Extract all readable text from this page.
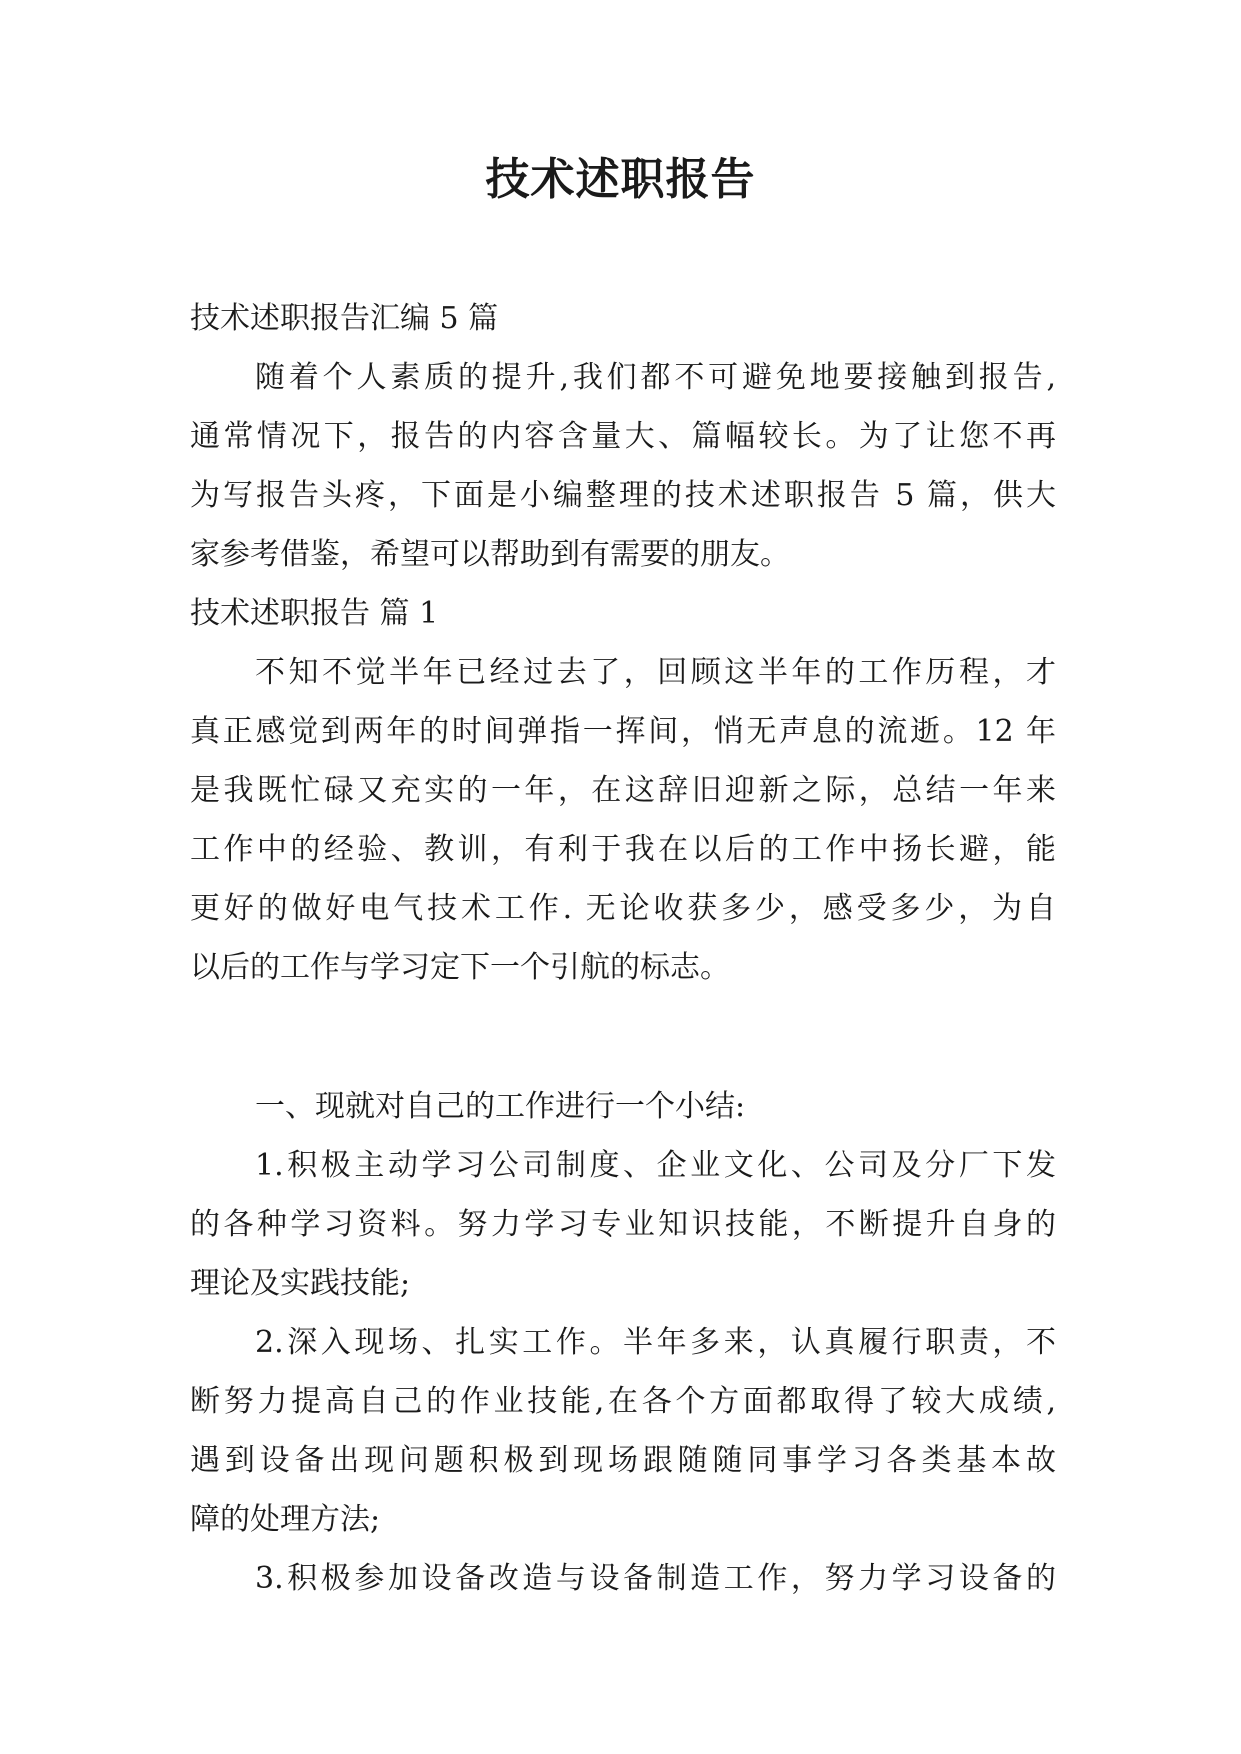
技术述职报告
技术述职报告汇编 5 篇
随着个人素质的提升,我们都不可避免地要接触到报告,
通常情况下，报告的内容含量大、篇幅较长。为了让您不再
为写报告头疼，下面是小编整理的技术述职报告 5 篇，供大
家参考借鉴，希望可以帮助到有需要的朋友。
技术述职报告 篇 1
不知不觉半年已经过去了，回顾这半年的工作历程，才
真正感觉到两年的时间弹指一挥间，悄无声息的流逝。12 年
是我既忙碌又充实的一年，在这辞旧迎新之际，总结一年来
工作中的经验、教训，有利于我在以后的工作中扬长避，能
更好的做好电气技术工作. 无论收获多少，感受多少，为自
以后的工作与学习定下一个引航的标志。
一、现就对自己的工作进行一个小结:
1.积极主动学习公司制度、企业文化、公司及分厂下发
的各种学习资料。努力学习专业知识技能，不断提升自身的
理论及实践技能;
2.深入现场、扎实工作。半年多来，认真履行职责，不
断努力提高自己的作业技能,在各个方面都取得了较大成绩,
遇到设备出现问题积极到现场跟随随同事学习各类基本故
障的处理方法;
3.积极参加设备改造与设备制造工作，努力学习设备的
